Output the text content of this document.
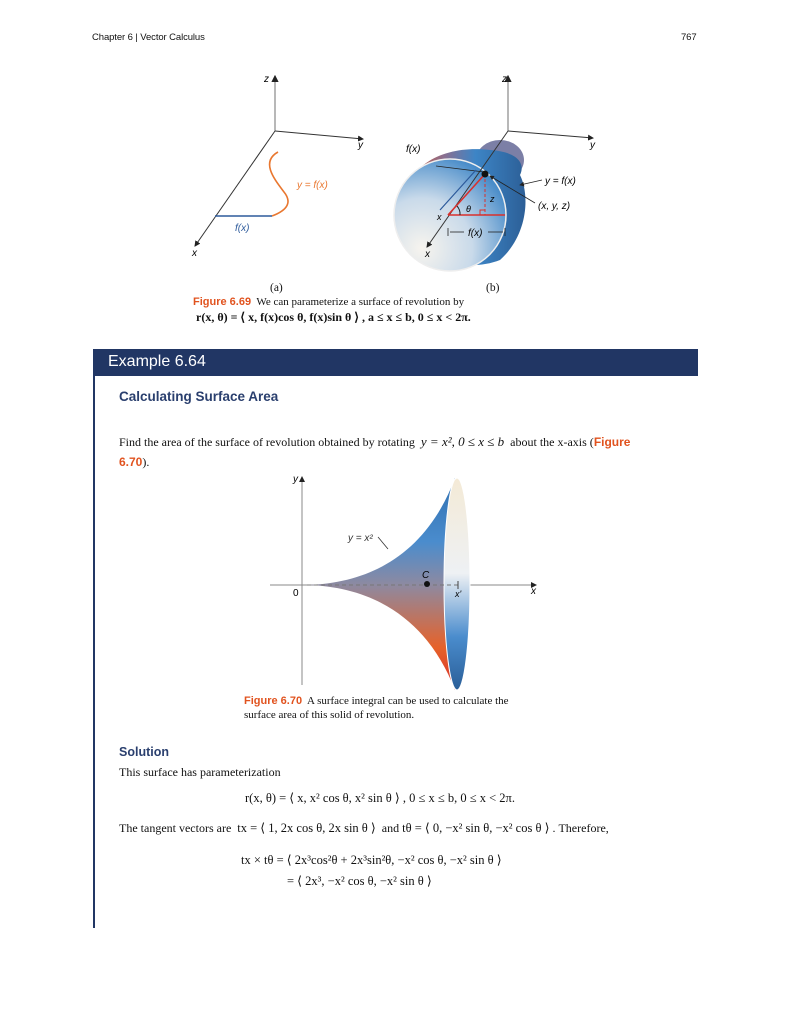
Chapter 6 | Vector Calculus	767
z
y
x
y = f(x)
f(x)
z
y
x
f(x)
y = f(x)
(x, y, z)
θ
z
x
f(x)
(a)	(b)
Figure 6.69 We can parameterize a surface of revolution by
r(x, θ) = ⟨ x, f(x)cos θ, f(x)sin θ ⟩ , a ≤ x ≤ b, 0 ≤ x < 2π.
Example 6.64
Calculating Surface Area
Find the area of the surface of revolution obtained by rotating y = x², 0 ≤ x ≤ b about the x-axis (Figure
6.70).
y
x
0
y = x²
C
x'
Figure 6.70 A surface integral can be used to calculate the
surface area of this solid of revolution.
Solution
This surface has parameterization
r(x, θ) = ⟨ x, x² cos θ, x² sin θ ⟩ , 0 ≤ x ≤ b, 0 ≤ x < 2π.
The tangent vectors are tx = ⟨ 1, 2x cos θ, 2x sin θ ⟩ and tθ = ⟨ 0, −x² sin θ, −x² cos θ ⟩ . Therefore,
tx × tθ = ⟨ 2x³cos²θ + 2x³sin²θ, −x² cos θ, −x² sin θ ⟩
= ⟨ 2x³, −x² cos θ, −x² sin θ ⟩
